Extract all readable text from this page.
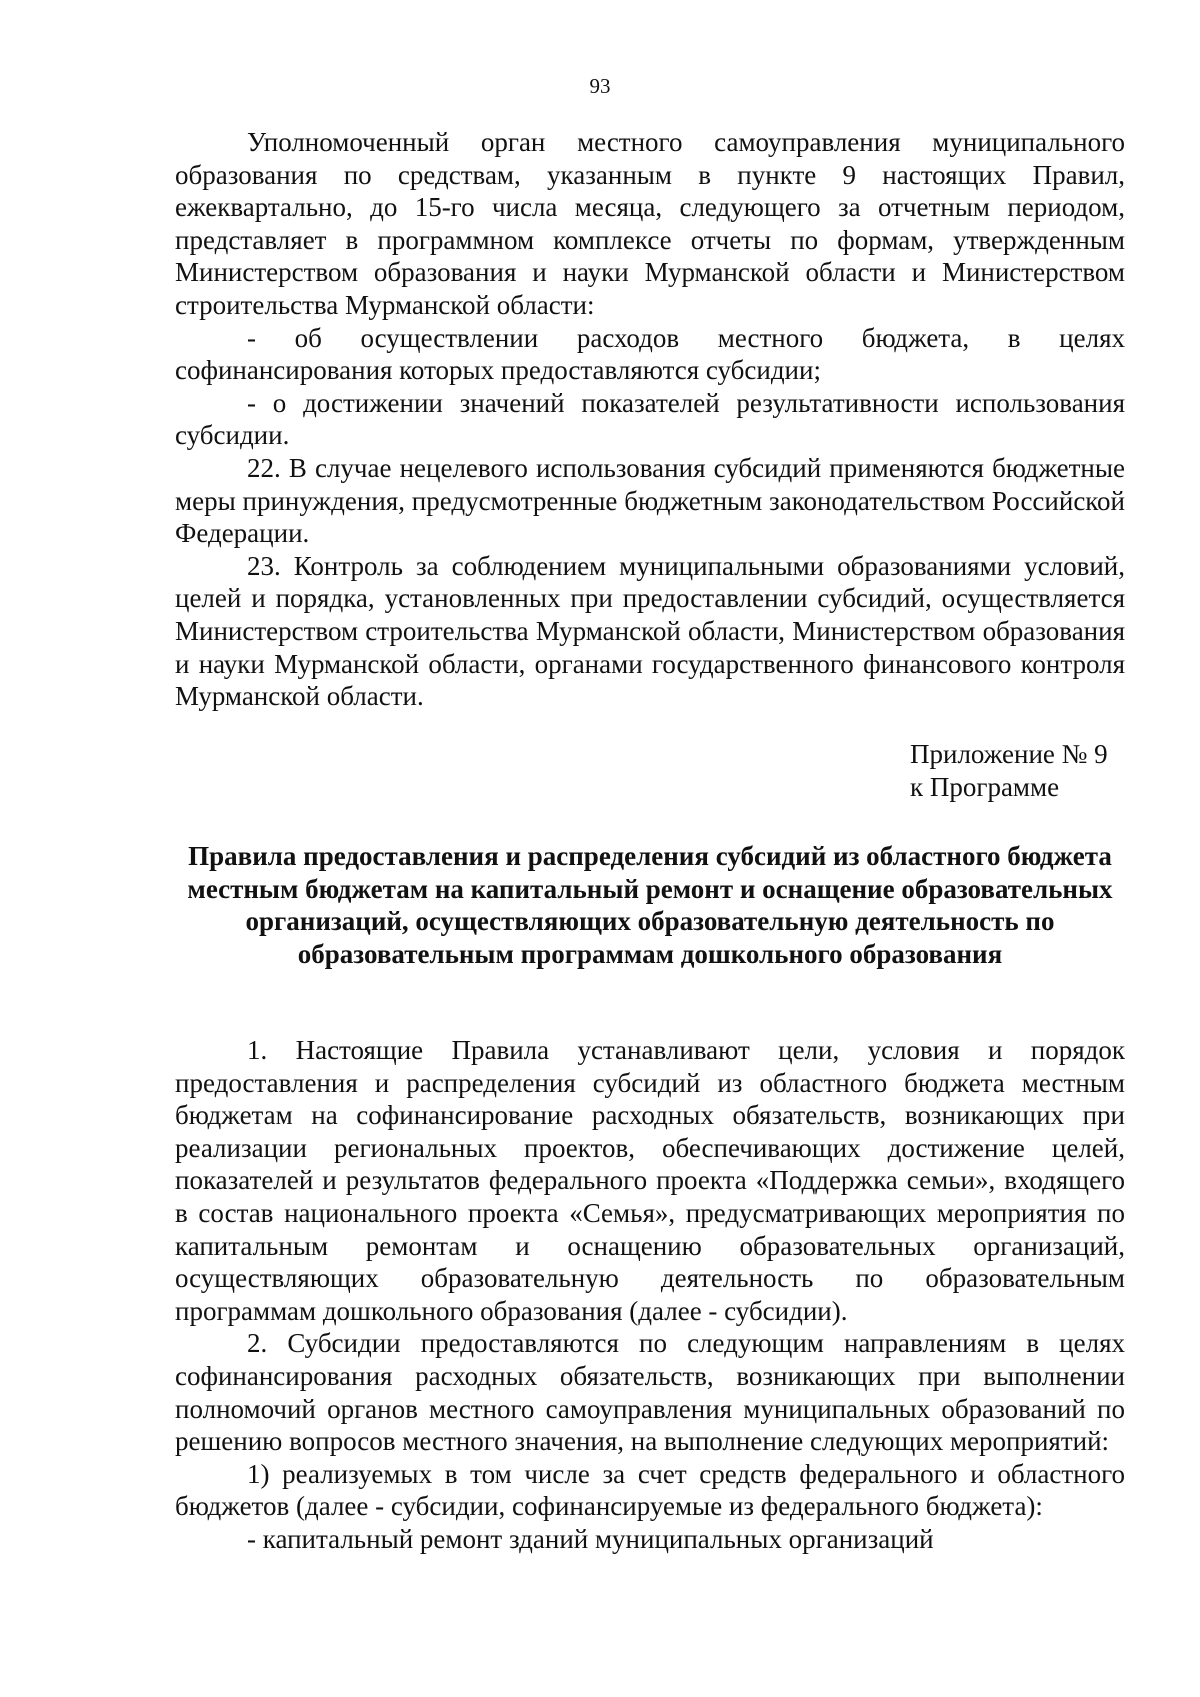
93

Уполномоченный орган местного самоуправления муниципального образования по средствам, указанным в пункте 9 настоящих Правил, ежеквартально, до 15-го числа месяца, следующего за отчетным периодом, представляет в программном комплексе отчеты по формам, утвержденным Министерством образования и науки Мурманской области и Министерством строительства Мурманской области:

- об осуществлении расходов местного бюджета, в целях софинансирования которых предоставляются субсидии;

- о достижении значений показателей результативности использования субсидии.

22. В случае нецелевого использования субсидий применяются бюджетные меры принуждения, предусмотренные бюджетным законодательством Российской Федерации.

23. Контроль за соблюдением муниципальными образованиями условий, целей и порядка, установленных при предоставлении субсидий, осуществляется Министерством строительства Мурманской области, Министерством образования и науки Мурманской области, органами государственного финансового контроля Мурманской области.

Приложение № 9
к Программе
Правила предоставления и распределения субсидий из областного бюджета местным бюджетам на капитальный ремонт и оснащение образовательных организаций, осуществляющих образовательную деятельность по образовательным программам дошкольного образования

1. Настоящие Правила устанавливают цели, условия и порядок предоставления и распределения субсидий из областного бюджета местным бюджетам на софинансирование расходных обязательств, возникающих при реализации региональных проектов, обеспечивающих достижение целей, показателей и результатов федерального проекта «Поддержка семьи», входящего в состав национального проекта «Семья», предусматривающих мероприятия по капитальным ремонтам и оснащению образовательных организаций, осуществляющих образовательную деятельность по образовательным программам дошкольного образования (далее - субсидии).

2. Субсидии предоставляются по следующим направлениям в целях софинансирования расходных обязательств, возникающих при выполнении полномочий органов местного самоуправления муниципальных образований по решению вопросов местного значения, на выполнение следующих мероприятий:

1) реализуемых в том числе за счет средств федерального и областного бюджетов (далее - субсидии, софинансируемые из федерального бюджета):

- капитальный ремонт зданий муниципальных организаций
